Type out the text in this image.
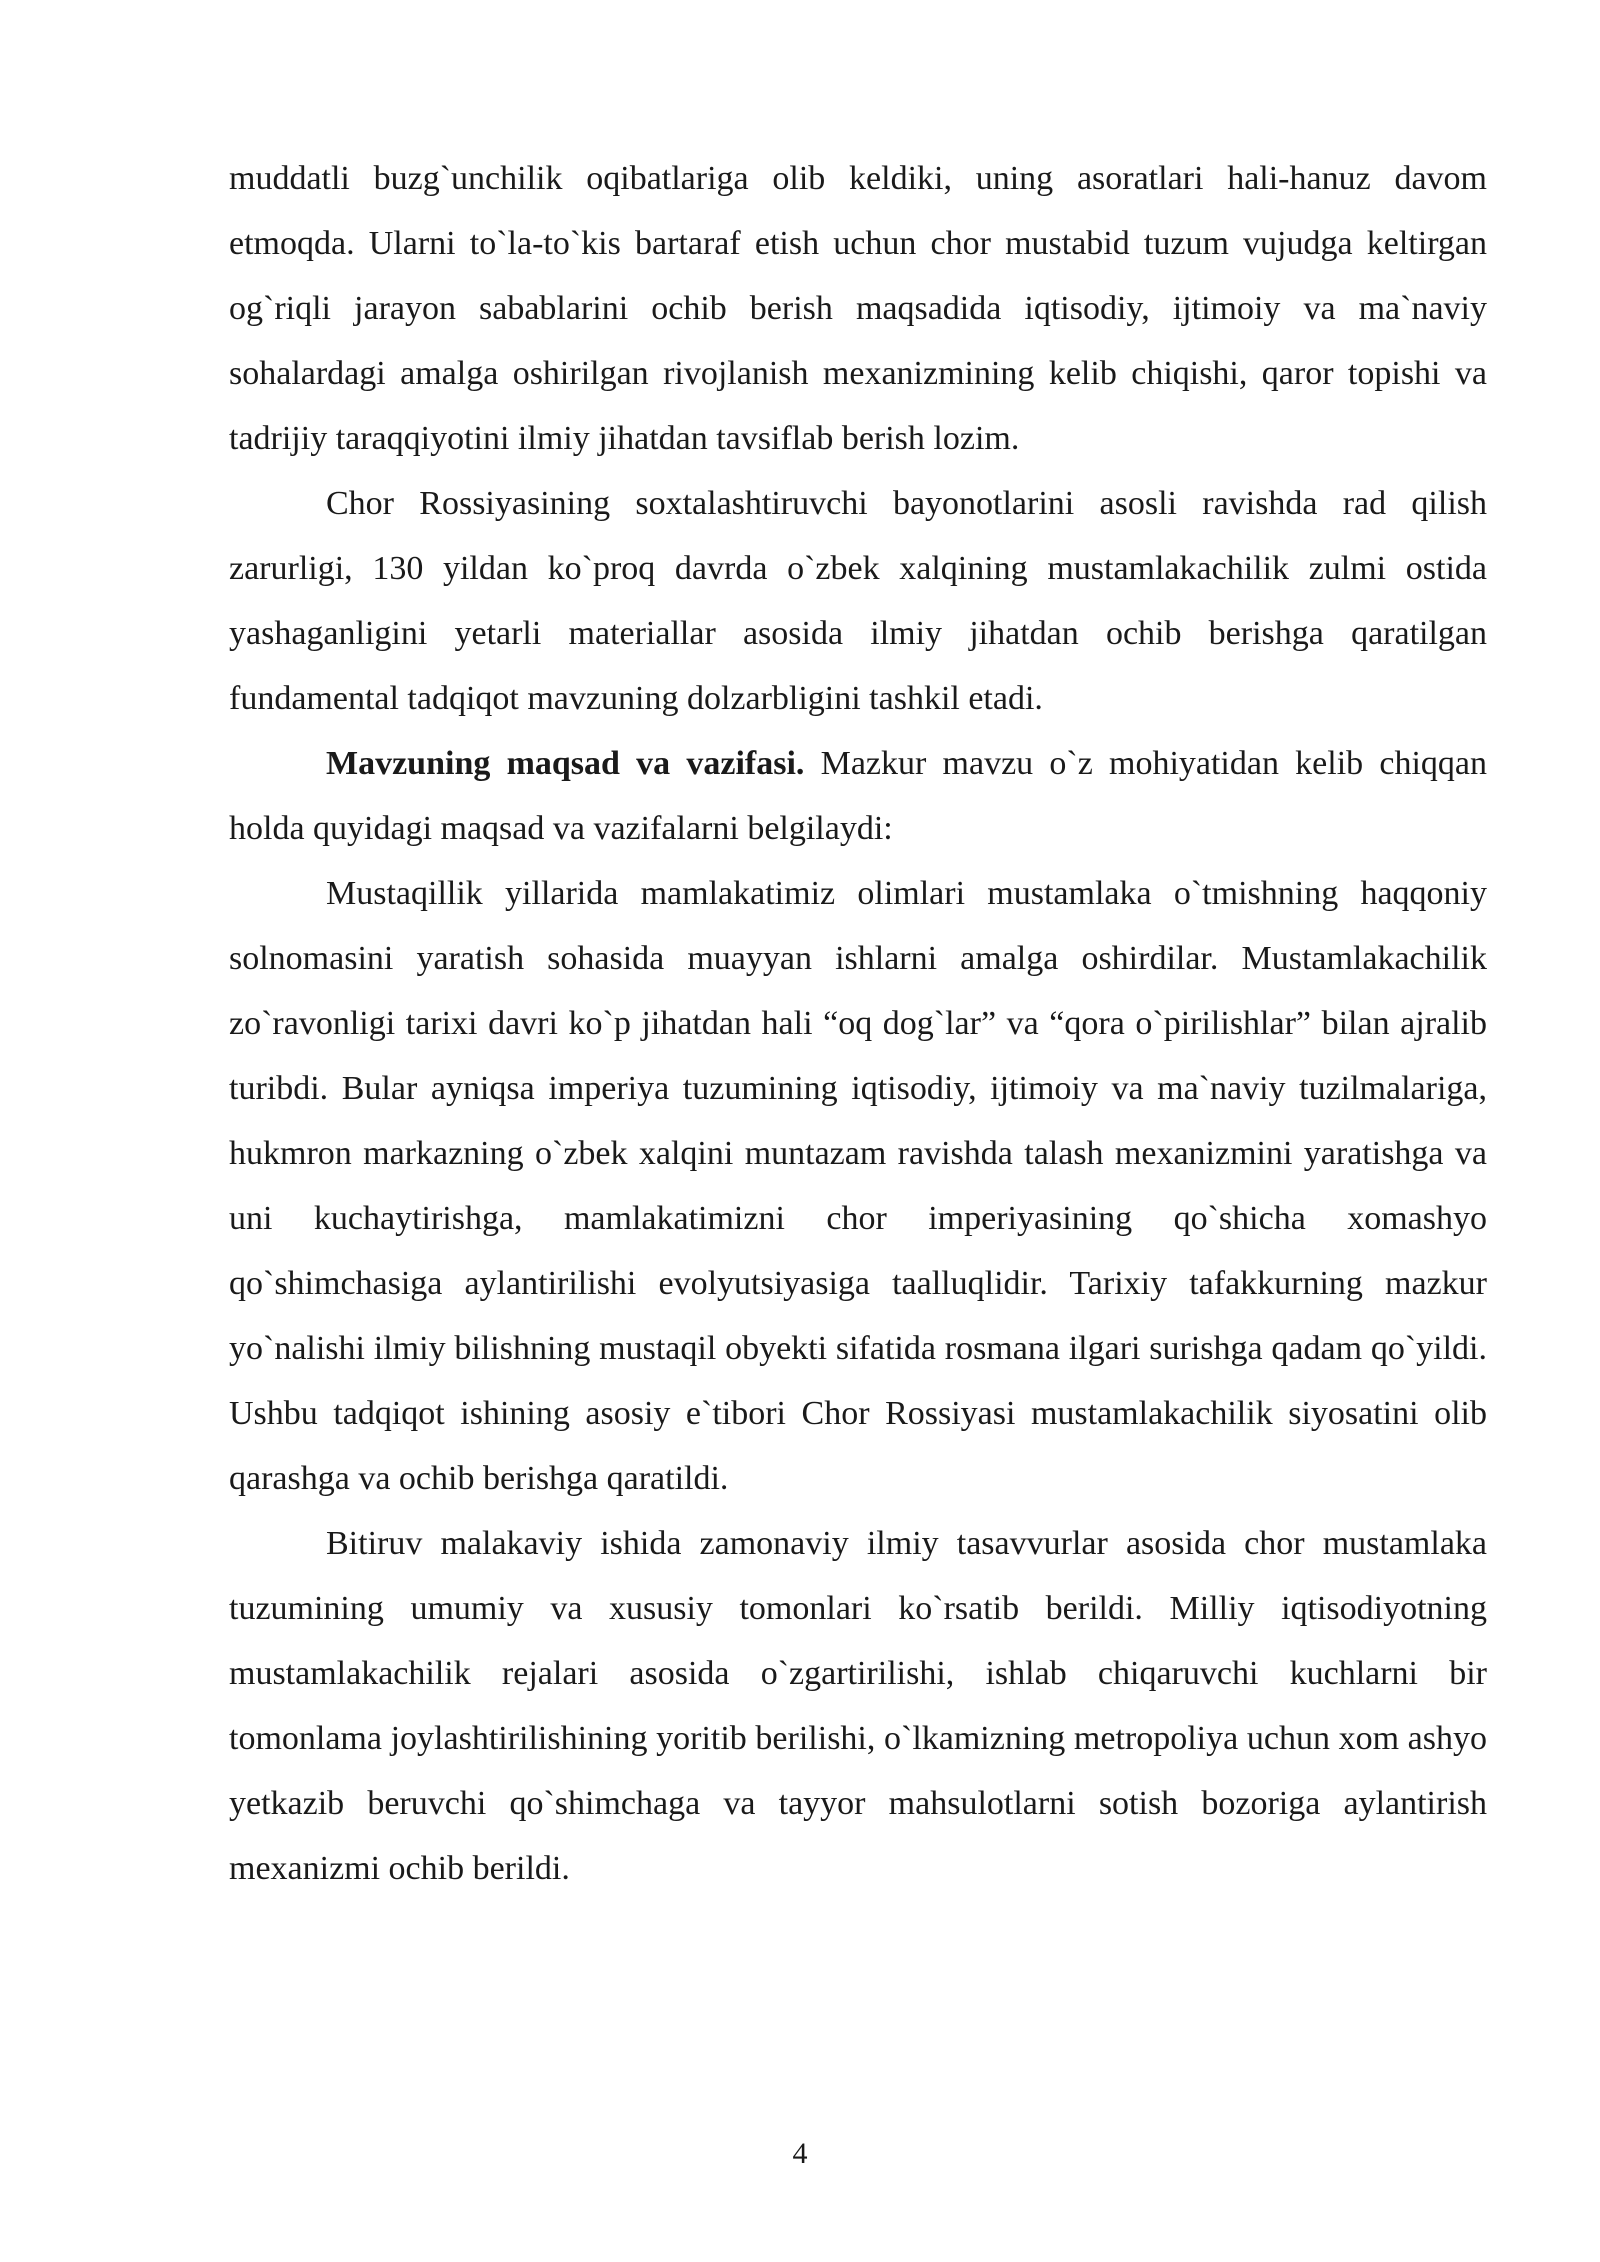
muddatli buzg`unchilik oqibatlariga olib keldiki, uning asoratlari hali-hanuz davom etmoqda. Ularni to`la-to`kis bartaraf etish uchun chor mustabid tuzum vujudga keltirgan og`riqli jarayon sabablarini ochib berish maqsadida iqtisodiy, ijtimoiy va ma`naviy sohalardagi amalga oshirilgan rivojlanish mexanizmining kelib chiqishi, qaror topishi va tadrijiy taraqqiyotini ilmiy jihatdan tavsiflab berish lozim.

Chor Rossiyasining soxtalashtiruvchi bayonotlarini asosli ravishda rad qilish zarurligi, 130 yildan ko`proq davrda o`zbek xalqining mustamlakachilik zulmi ostida yashaganligini yetarli materiallar asosida ilmiy jihatdan ochib berishga qaratilgan fundamental tadqiqot mavzuning dolzarbligini tashkil etadi.

Mavzuning maqsad va vazifasi. Mazkur mavzu o`z mohiyatidan kelib chiqqan holda quyidagi maqsad va vazifalarni belgilaydi:

Mustaqillik yillarida mamlakatimiz olimlari mustamlaka o`tmishning haqqoniy solnomasini yaratish sohasida muayyan ishlarni amalga oshirdilar. Mustamlakachilik zo`ravonligi tarixi davri ko`p jihatdan hali “oq dog`lar” va “qora o`pirilishlar” bilan ajralib turibdi. Bular ayniqsa imperiya tuzumining iqtisodiy, ijtimoiy va ma`naviy tuzilmalariga, hukmron markazning o`zbek xalqini muntazam ravishda talash mexanizmini yaratishga va uni kuchaytirishga, mamlakatimizni chor imperiyasining qo`shicha xomashyo qo`shimchasiga aylantirilishi evolyutsiyasiga taalluqlidir. Tarixiy tafakkurning mazkur yo`nalishi ilmiy bilishning mustaqil obyekti sifatida rosmana ilgari surishga qadam qo`yildi. Ushbu tadqiqot ishining asosiy e`tibori Chor Rossiyasi mustamlakachilik siyosatini olib qarashga va ochib berishga qaratildi.

Bitiruv malakaviy ishida zamonaviy ilmiy tasavvurlar asosida chor mustamlaka tuzumining umumiy va xususiy tomonlari ko`rsatib berildi. Milliy iqtisodiyotning mustamlakachilik rejalari asosida o`zgartirilishi, ishlab chiqaruvchi kuchlarni bir tomonlama joylashtirilishining yoritib berilishi, o`lkamizning metropoliya uchun xom ashyo yetkazib beruvchi qo`shimchaga va tayyor mahsulotlarni sotish bozoriga aylantirish mexanizmi ochib berildi.

4
